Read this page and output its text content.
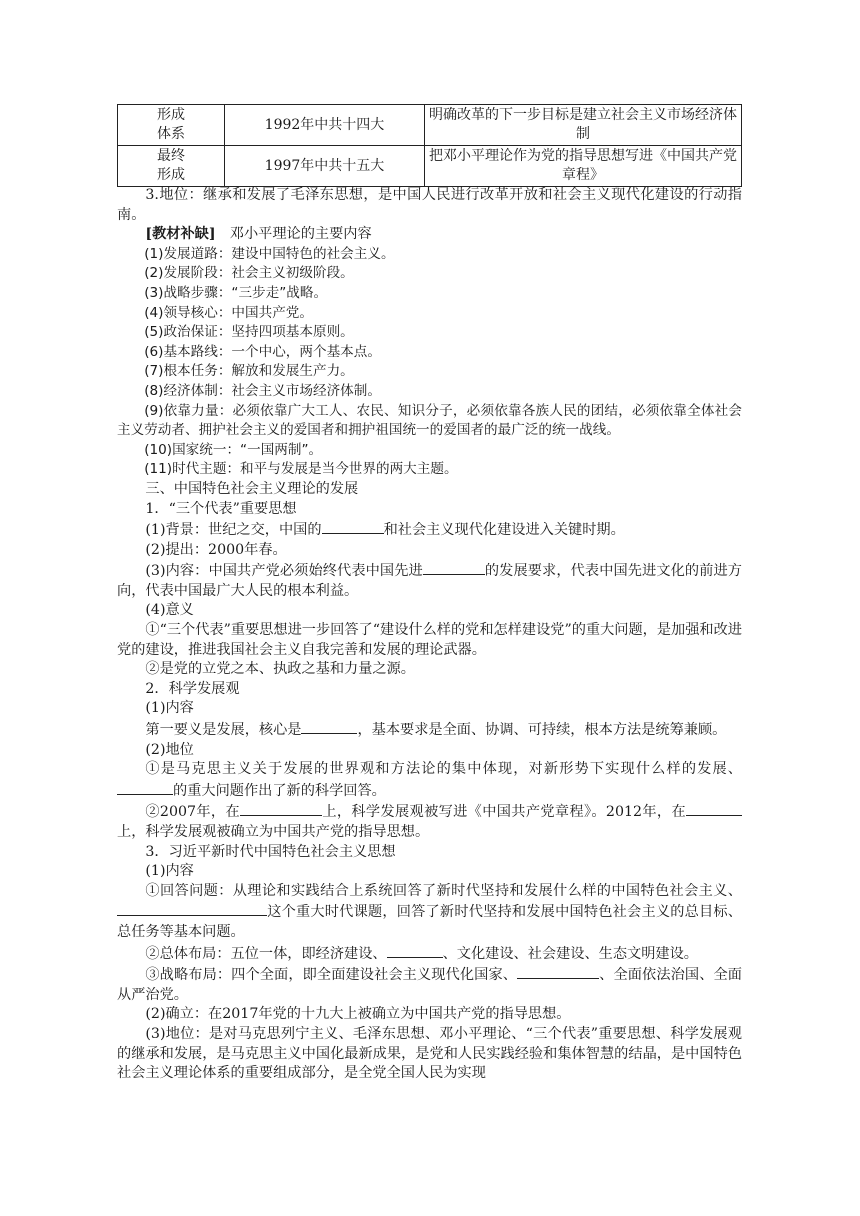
形成
体系	1992年中共十四大	明确改革的下一步目标是建立社会主义市场经济体制
最终
形成	1997年中共十五大	把邓小平理论作为党的指导思想写进《中国共产党章程》

3.地位：继承和发展了毛泽东思想，是中国人民进行改革开放和社会主义现代化建设的行动指南。

[教材补缺]　邓小平理论的主要内容

(1)发展道路：建设中国特色的社会主义。

(2)发展阶段：社会主义初级阶段。

(3)战略步骤：“三步走”战略。

(4)领导核心：中国共产党。

(5)政治保证：坚持四项基本原则。

(6)基本路线：一个中心，两个基本点。

(7)根本任务：解放和发展生产力。

(8)经济体制：社会主义市场经济体制。

(9)依靠力量：必须依靠广大工人、农民、知识分子，必须依靠各族人民的团结，必须依靠全体社会主义劳动者、拥护社会主义的爱国者和拥护祖国统一的爱国者的最广泛的统一战线。

(10)国家统一：“一国两制”。

(11)时代主题：和平与发展是当今世界的两大主题。

三、中国特色社会主义理论的发展

1．“三个代表”重要思想

(1)背景：世纪之交，中国的	和社会主义现代化建设进入关键时期。

(2)提出：2000年春。

(3)内容：中国共产党必须始终代表中国先进	的发展要求，代表中国先进文化的前进方向，代表中国最广大人民的根本利益。

(4)意义

①“三个代表”重要思想进一步回答了“建设什么样的党和怎样建设党”的重大问题，是加强和改进党的建设，推进我国社会主义自我完善和发展的理论武器。

②是党的立党之本、执政之基和力量之源。

2．科学发展观

(1)内容

第一要义是发展，核心是	，基本要求是全面、协调、可持续，根本方法是统筹兼顾。

(2)地位

①是马克思主义关于发展的世界观和方法论的集中体现，对新形势下实现什么样的发展、的重大问题作出了新的科学回答。

②2007年，在	上，科学发展观被写进《中国共产党章程》。2012年，在上，科学发展观被确立为中国共产党的指导思想。

3．习近平新时代中国特色社会主义思想

(1)内容

①回答问题：从理论和实践结合上系统回答了新时代坚持和发展什么样的中国特色社会主义、这个重大时代课题，回答了新时代坚持和发展中国特色社会主义的总目标、总任务等基本问题。

②总体布局：五位一体，即经济建设、	、文化建设、社会建设、生态文明建设。

③战略布局：四个全面，即全面建设社会主义现代化国家、	、全面依法治国、全面从严治党。

(2)确立：在2017年党的十九大上被确立为中国共产党的指导思想。

(3)地位：是对马克思列宁主义、毛泽东思想、邓小平理论、“三个代表”重要思想、科学发展观的继承和发展，是马克思主义中国化最新成果，是党和人民实践经验和集体智慧的结晶，是中国特色社会主义理论体系的重要组成部分，是全党全国人民为实现
